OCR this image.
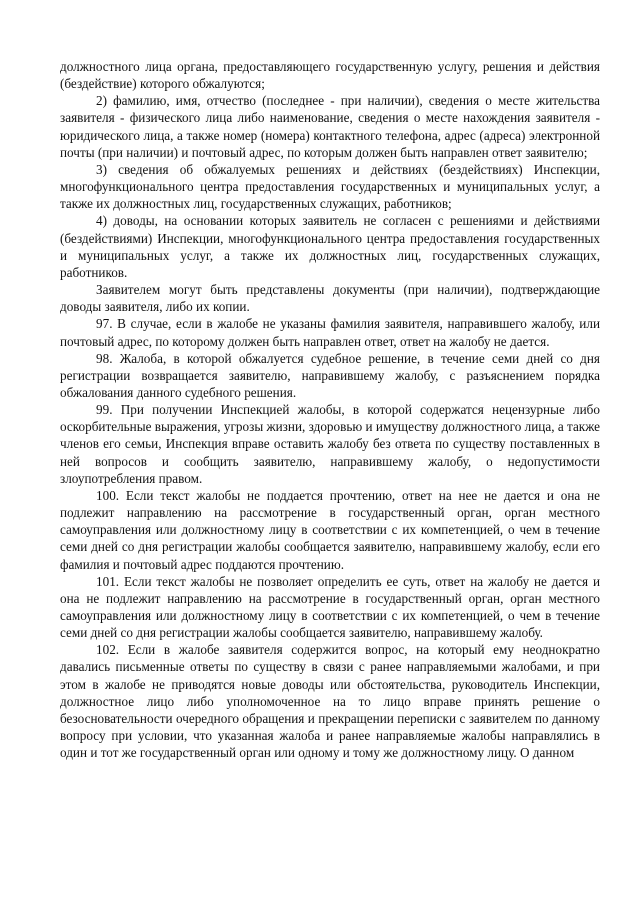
должностного лица органа, предоставляющего государственную услугу, решения и действия (бездействие) которого обжалуются;

2) фамилию, имя, отчество (последнее - при наличии), сведения о месте жительства заявителя - физического лица либо наименование, сведения о месте нахождения заявителя - юридического лица, а также номер (номера) контактного телефона, адрес (адреса) электронной почты (при наличии) и почтовый адрес, по которым должен быть направлен ответ заявителю;

3) сведения об обжалуемых решениях и действиях (бездействиях) Инспекции, многофункционального центра предоставления государственных и муниципальных услуг, а также их должностных лиц, государственных служащих, работников;

4) доводы, на основании которых заявитель не согласен с решениями и действиями (бездействиями) Инспекции, многофункционального центра предоставления государственных и муниципальных услуг, а также их должностных лиц, государственных служащих, работников.

Заявителем могут быть представлены документы (при наличии), подтверждающие доводы заявителя, либо их копии.

97. В случае, если в жалобе не указаны фамилия заявителя, направившего жалобу, или почтовый адрес, по которому должен быть направлен ответ, ответ на жалобу не дается.

98. Жалоба, в которой обжалуется судебное решение, в течение семи дней со дня регистрации возвращается заявителю, направившему жалобу, с разъяснением порядка обжалования данного судебного решения.

99. При получении Инспекцией жалобы, в которой содержатся нецензурные либо оскорбительные выражения, угрозы жизни, здоровью и имуществу должностного лица, а также членов его семьи, Инспекция вправе оставить жалобу без ответа по существу поставленных в ней вопросов и сообщить заявителю, направившему жалобу, о недопустимости злоупотребления правом.

100. Если текст жалобы не поддается прочтению, ответ на нее не дается и она не подлежит направлению на рассмотрение в государственный орган, орган местного самоуправления или должностному лицу в соответствии с их компетенцией, о чем в течение семи дней со дня регистрации жалобы сообщается заявителю, направившему жалобу, если его фамилия и почтовый адрес поддаются прочтению.

101. Если текст жалобы не позволяет определить ее суть, ответ на жалобу не дается и она не подлежит направлению на рассмотрение в государственный орган, орган местного самоуправления или должностному лицу в соответствии с их компетенцией, о чем в течение семи дней со дня регистрации жалобы сообщается заявителю, направившему жалобу.

102. Если в жалобе заявителя содержится вопрос, на который ему неоднократно давались письменные ответы по существу в связи с ранее направляемыми жалобами, и при этом в жалобе не приводятся новые доводы или обстоятельства, руководитель Инспекции, должностное лицо либо уполномоченное на то лицо вправе принять решение о безосновательности очередного обращения и прекращении переписки с заявителем по данному вопросу при условии, что указанная жалоба и ранее направляемые жалобы направлялись в один и тот же государственный орган или одному и тому же должностному лицу. О данном
